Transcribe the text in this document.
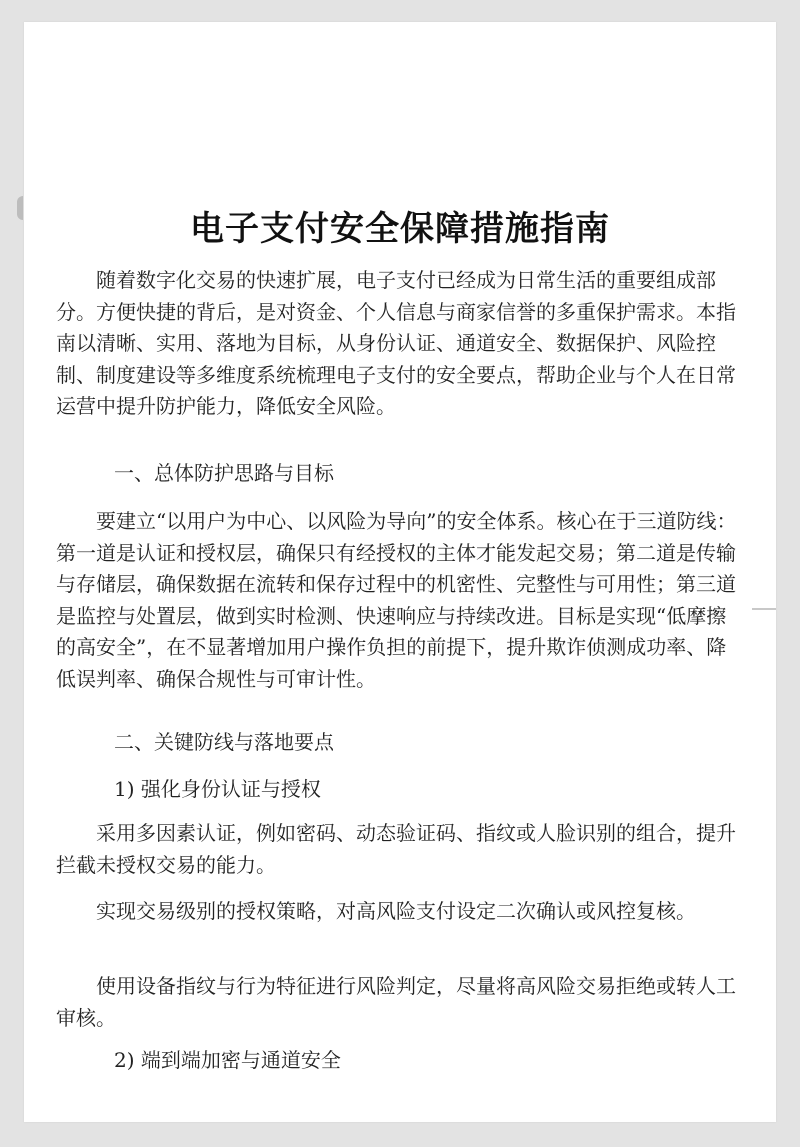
电子支付安全保障措施指南

随着数字化交易的快速扩展，电子支付已经成为日常生活的重要组成部分。方便快捷的背后，是对资金、个人信息与商家信誉的多重保护需求。本指南以清晰、实用、落地为目标，从身份认证、通道安全、数据保护、风险控制、制度建设等多维度系统梳理电子支付的安全要点，帮助企业与个人在日常运营中提升防护能力，降低安全风险。

一、总体防护思路与目标

要建立“以用户为中心、以风险为导向”的安全体系。核心在于三道防线：第一道是认证和授权层，确保只有经授权的主体才能发起交易；第二道是传输与存储层，确保数据在流转和保存过程中的机密性、完整性与可用性；第三道是监控与处置层，做到实时检测、快速响应与持续改进。目标是实现“低摩擦的高安全”，在不显著增加用户操作负担的前提下，提升欺诈侦测成功率、降低误判率、确保合规性与可审计性。

二、关键防线与落地要点

1) 强化身份认证与授权

采用多因素认证，例如密码、动态验证码、指纹或人脸识别的组合，提升拦截未授权交易的能力。

实现交易级别的授权策略，对高风险支付设定二次确认或风控复核。

使用设备指纹与行为特征进行风险判定，尽量将高风险交易拒绝或转人工审核。

2) 端到端加密与通道安全
